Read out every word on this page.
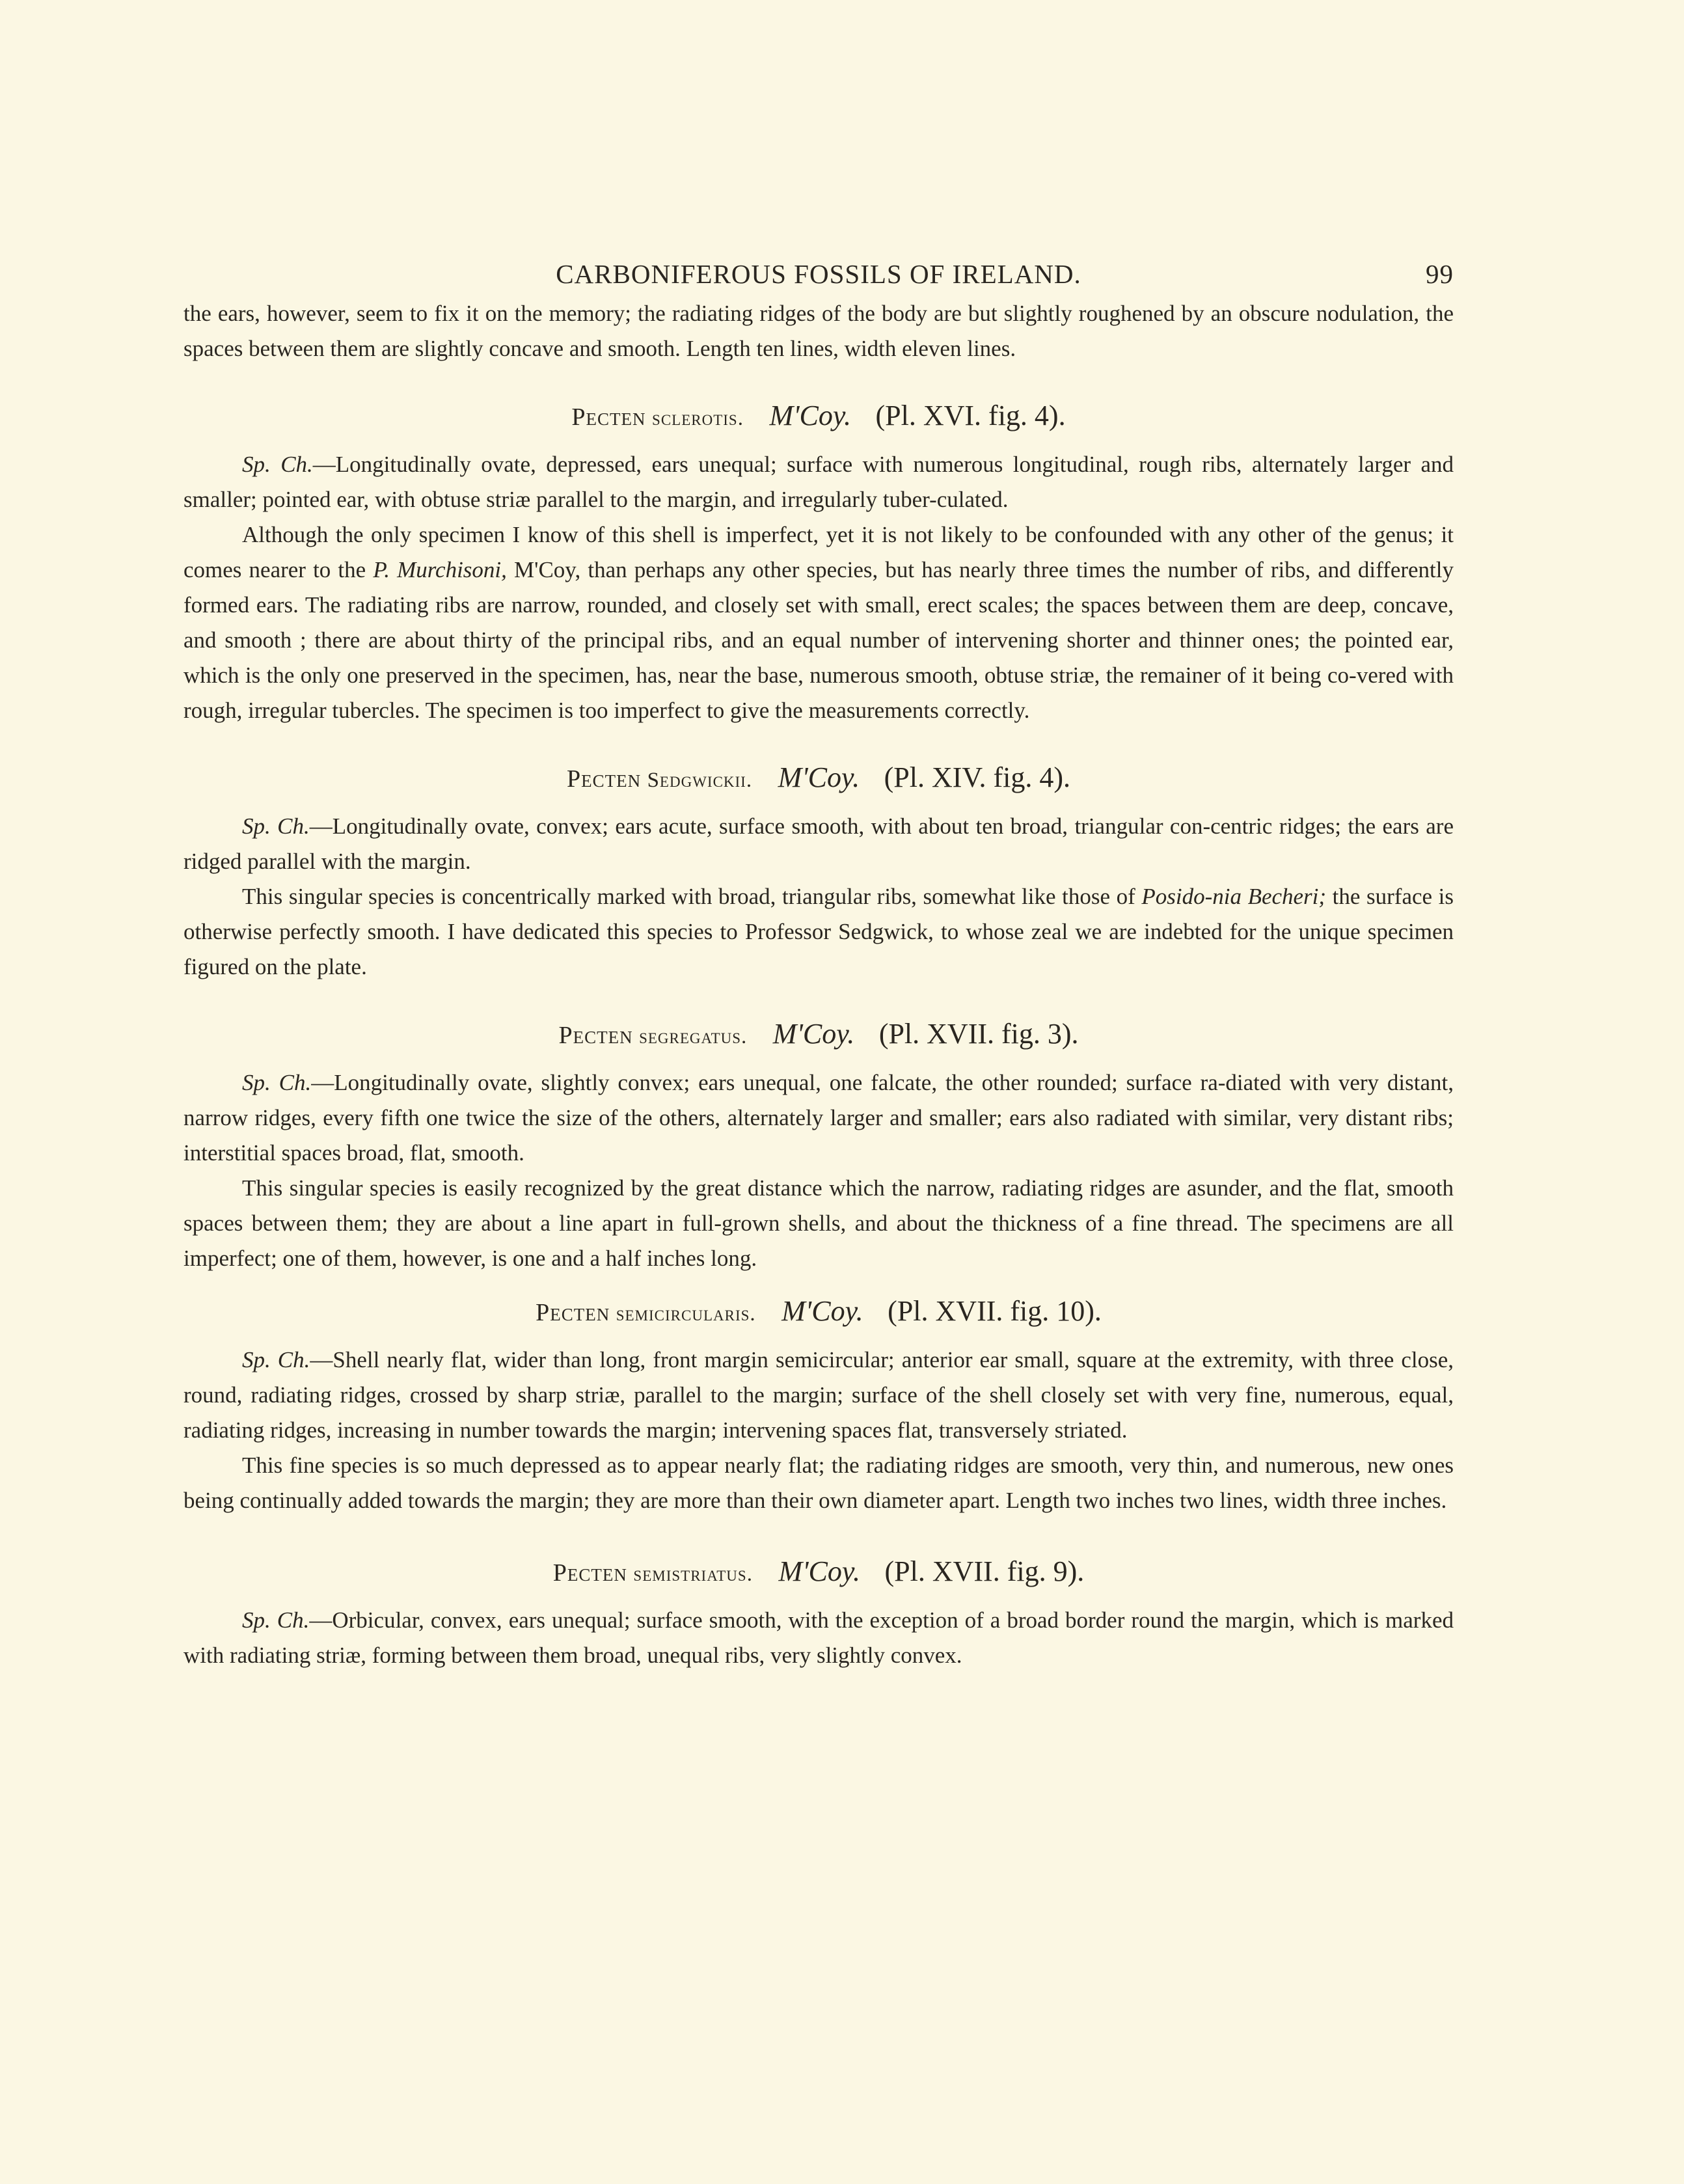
CARBONIFEROUS FOSSILS OF IRELAND.	99

the ears, however, seem to fix it on the memory; the radiating ridges of the body are but slightly roughened by an obscure nodulation, the spaces between them are slightly concave and smooth. Length ten lines, width eleven lines.

Pecten sclerotis. M'Coy. (Pl. XVI. fig. 4).

Sp. Ch.—Longitudinally ovate, depressed, ears unequal; surface with numerous longitudinal, rough ribs, alternately larger and smaller; pointed ear, with obtuse striæ parallel to the margin, and irregularly tuber-culated.

Although the only specimen I know of this shell is imperfect, yet it is not likely to be confounded with any other of the genus; it comes nearer to the P. Murchisoni, M'Coy, than perhaps any other species, but has nearly three times the number of ribs, and differently formed ears. The radiating ribs are narrow, rounded, and closely set with small, erect scales; the spaces between them are deep, concave, and smooth ; there are about thirty of the principal ribs, and an equal number of intervening shorter and thinner ones; the pointed ear, which is the only one preserved in the specimen, has, near the base, numerous smooth, obtuse striæ, the remainer of it being co-vered with rough, irregular tubercles. The specimen is too imperfect to give the measurements correctly.

Pecten Sedgwickii. M'Coy. (Pl. XIV. fig. 4).

Sp. Ch.—Longitudinally ovate, convex; ears acute, surface smooth, with about ten broad, triangular con-centric ridges; the ears are ridged parallel with the margin.

This singular species is concentrically marked with broad, triangular ribs, somewhat like those of Posido-nia Becheri; the surface is otherwise perfectly smooth. I have dedicated this species to Professor Sedgwick, to whose zeal we are indebted for the unique specimen figured on the plate.

Pecten segregatus. M'Coy. (Pl. XVII. fig. 3).

Sp. Ch.—Longitudinally ovate, slightly convex; ears unequal, one falcate, the other rounded; surface ra-diated with very distant, narrow ridges, every fifth one twice the size of the others, alternately larger and smaller; ears also radiated with similar, very distant ribs; interstitial spaces broad, flat, smooth.

This singular species is easily recognized by the great distance which the narrow, radiating ridges are asunder, and the flat, smooth spaces between them; they are about a line apart in full-grown shells, and about the thickness of a fine thread. The specimens are all imperfect; one of them, however, is one and a half inches long.

Pecten semicircularis. M'Coy. (Pl. XVII. fig. 10).

Sp. Ch.—Shell nearly flat, wider than long, front margin semicircular; anterior ear small, square at the extremity, with three close, round, radiating ridges, crossed by sharp striæ, parallel to the margin; surface of the shell closely set with very fine, numerous, equal, radiating ridges, increasing in number towards the margin; intervening spaces flat, transversely striated.

This fine species is so much depressed as to appear nearly flat; the radiating ridges are smooth, very thin, and numerous, new ones being continually added towards the margin; they are more than their own diameter apart. Length two inches two lines, width three inches.

Pecten semistriatus. M'Coy. (Pl. XVII. fig. 9).

Sp. Ch.—Orbicular, convex, ears unequal; surface smooth, with the exception of a broad border round the margin, which is marked with radiating striæ, forming between them broad, unequal ribs, very slightly convex.
